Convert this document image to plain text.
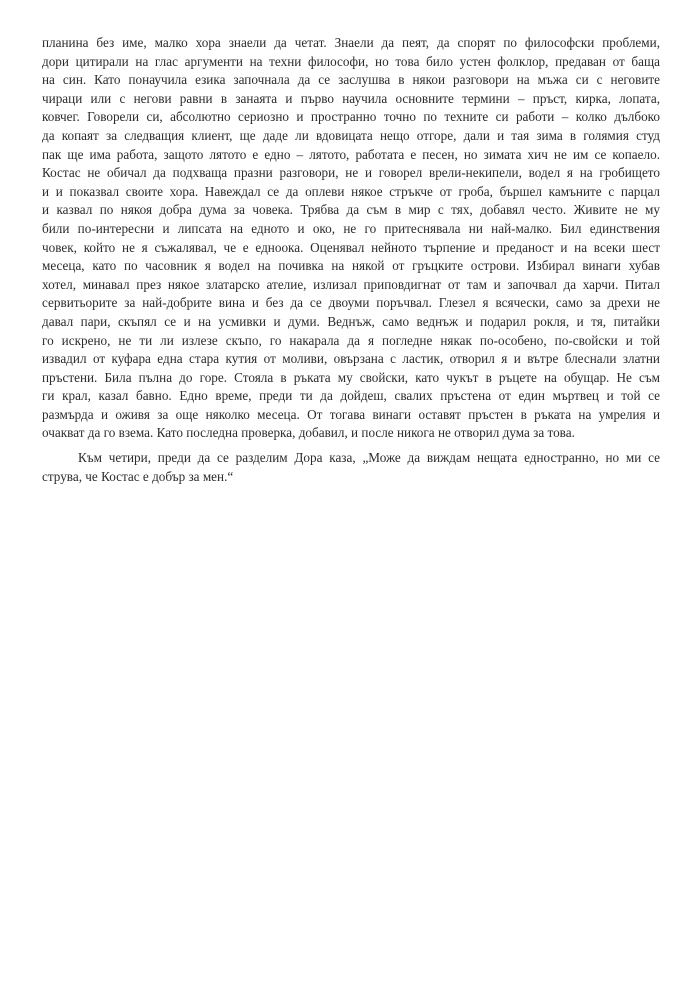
планина без име, малко хора знаели да четат. Знаели да пеят, да спорят по философски проблеми,
дори цитирали на глас аргументи на техни философи, но това било устен фолклор, предаван от баща
на син. Като понаучила езика започнала да се заслушва в някои разговори на мъжа си с неговите
чираци или с негови равни в занаята и първо научила основните термини – пръст, кирка, лопата,
ковчег. Говорели си, абсолютно сериозно и пространно точно по техните си работи – колко дълбоко
да копаят за следващия клиент, ще даде ли вдовицата нещо отгоре, дали и тая зима в голямия студ
пак ще има работа, защото лятото е едно – лятото, работата е песен, но зимата хич не им се копаело.
Костас не обичал да подхваща празни разговори, не и говорел врели-некипели, водел я на гробището
и и показвал своите хора. Навеждал се да оплеви някое стръкче от гроба, бършел камъните с парцал
и казвал по някоя добра дума за човека. Трябва да съм в мир с тях, добавял често. Живите не му
били по-интересни и липсата на едното и око, не го притеснявала ни най-малко. Бил единствения
човек, който не я съжалявал, че е едноока. Оценявал нейното търпение и преданост и на всеки шест
месеца, като по часовник я водел на почивка на някой от гръцките острови. Избирал винаги хубав
хотел, минавал през някое златарско ателие, излизал приповдигнат от там и започвал да харчи. Питал
сервитьорите за най-добрите вина и без да се двоуми поръчвал. Глезел я всячески, само за дрехи не
давал пари, скъпял се и на усмивки и думи. Веднъж, само веднъж и подарил рокля, и тя, питайки
го искрено, не ти ли излезе скъпо, го накарала да я погледне някак по-особено, по-свойски и той
извадил от куфара една стара кутия от моливи, овързана с ластик, отворил я и вътре блеснали златни
пръстени. Била пълна до горе. Стояла в ръката му свойски, като чукът в ръцете на обущар. Не съм
ги крал, казал бавно. Едно време, преди ти да дойдеш, свалих пръстена от един мъртвец и той се
размърда и оживя за още няколко месеца. От тогава винаги оставят пръстен в ръката на умрелия и
очакват да го взема. Като последна проверка, добавил, и после никога не отворил дума за това.
Към четири, преди да се разделим Дора каза, „Може да виждам нещата едностранно, но ми се
струва, че Костас е добър за мен.“
